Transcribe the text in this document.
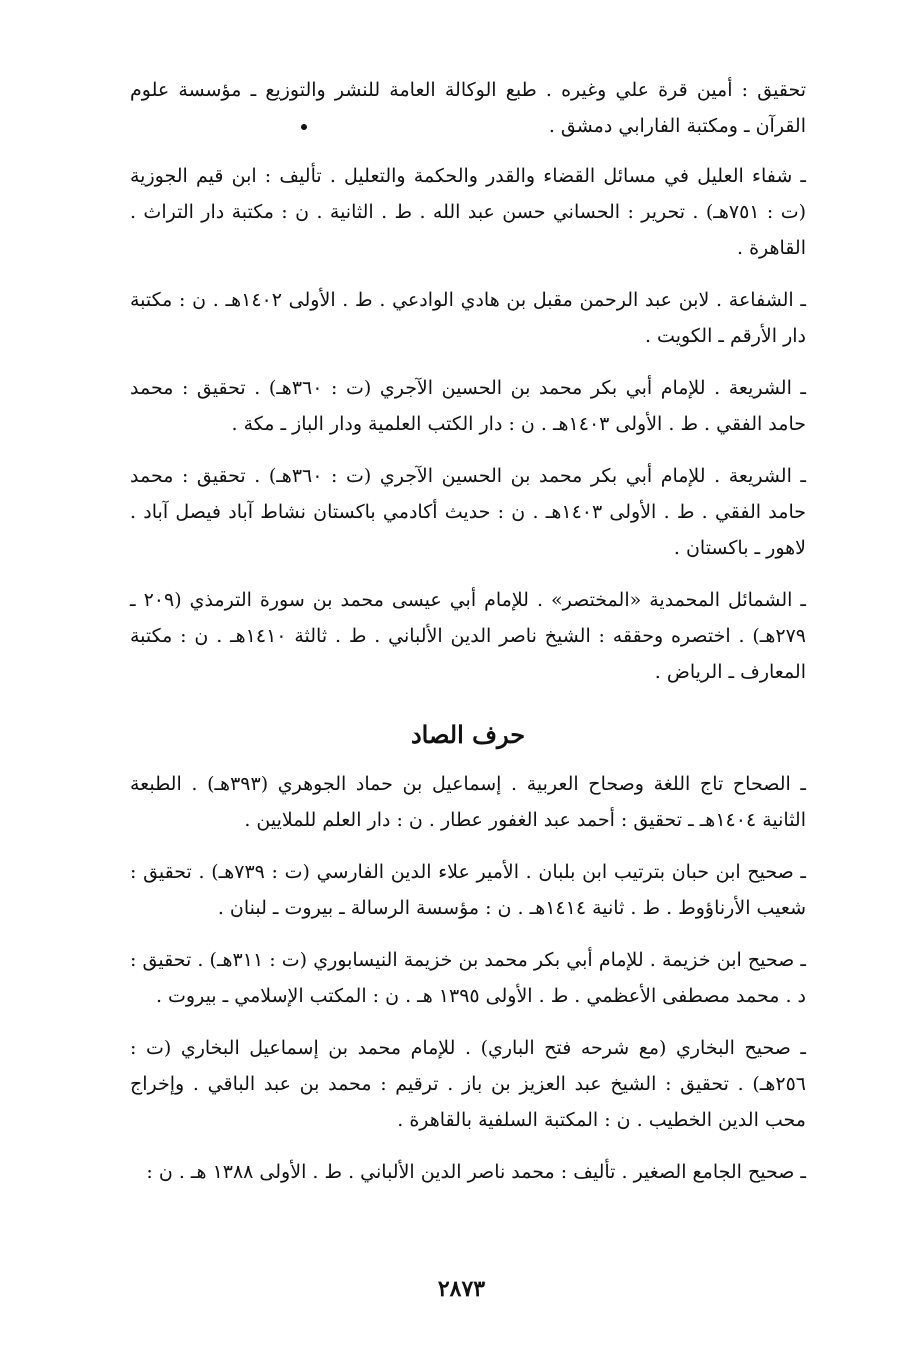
تحقيق : أمين قرة علي وغيره . طبع الوكالة العامة للنشر والتوزيع ـ مؤسسة علوم القرآن ـ ومكتبة الفارابي دمشق .

ـ شفاء العليل في مسائل القضاء والقدر والحكمة والتعليل . تأليف : ابن قيم الجوزية (ت : ٧٥١هـ) . تحرير : الحساني حسن عبد الله . ط . الثانية . ن : مكتبة دار التراث . القاهرة .

ـ الشفاعة . لابن عبد الرحمن مقبل بن هادي الوادعي . ط . الأولى ١٤٠٢هـ . ن : مكتبة دار الأرقم ـ الكويت .

ـ الشريعة . للإمام أبي بكر محمد بن الحسين الآجري (ت : ٣٦٠هـ) . تحقيق : محمد حامد الفقي . ط . الأولى ١٤٠٣هـ . ن : دار الكتب العلمية ودار الباز ـ مكة .

ـ الشريعة . للإمام أبي بكر محمد بن الحسين الآجري (ت : ٣٦٠هـ) . تحقيق : محمد حامد الفقي . ط . الأولى ١٤٠٣هـ . ن : حديث أكادمي باكستان نشاط آباد فيصل آباد . لاهور ـ باكستان .

ـ الشمائل المحمدية «المختصر» . للإمام أبي عيسى محمد بن سورة الترمذي (٢٠٩ ـ ٢٧٩هـ) . اختصره وحققه : الشيخ ناصر الدين الألباني . ط . ثالثة ١٤١٠هـ . ن : مكتبة المعارف ـ الرياض .

حرف الصاد

ـ الصحاح تاج اللغة وصحاح العربية . إسماعيل بن حماد الجوهري (٣٩٣هـ) . الطبعة الثانية ١٤٠٤هـ ـ تحقيق : أحمد عبد الغفور عطار . ن : دار العلم للملايين .

ـ صحيح ابن حبان بترتيب ابن بلبان . الأمير علاء الدين الفارسي (ت : ٧٣٩هـ) . تحقيق : شعيب الأرناؤوط . ط . ثانية ١٤١٤هـ . ن : مؤسسة الرسالة ـ بيروت ـ لبنان .

ـ صحيح ابن خزيمة . للإمام أبي بكر محمد بن خزيمة النيسابوري (ت : ٣١١هـ) . تحقيق : د . محمد مصطفى الأعظمي . ط . الأولى ١٣٩٥ هـ . ن : المكتب الإسلامي ـ بيروت .

ـ صحيح البخاري (مع شرحه فتح الباري) . للإمام محمد بن إسماعيل البخاري (ت : ٢٥٦هـ) . تحقيق : الشيخ عبد العزيز بن باز . ترقيم : محمد بن عبد الباقي . وإخراج محب الدين الخطيب . ن : المكتبة السلفية بالقاهرة .

ـ صحيح الجامع الصغير . تأليف : محمد ناصر الدين الألباني . ط . الأولى ١٣٨٨ هـ . ن :

٢٨٧٣
